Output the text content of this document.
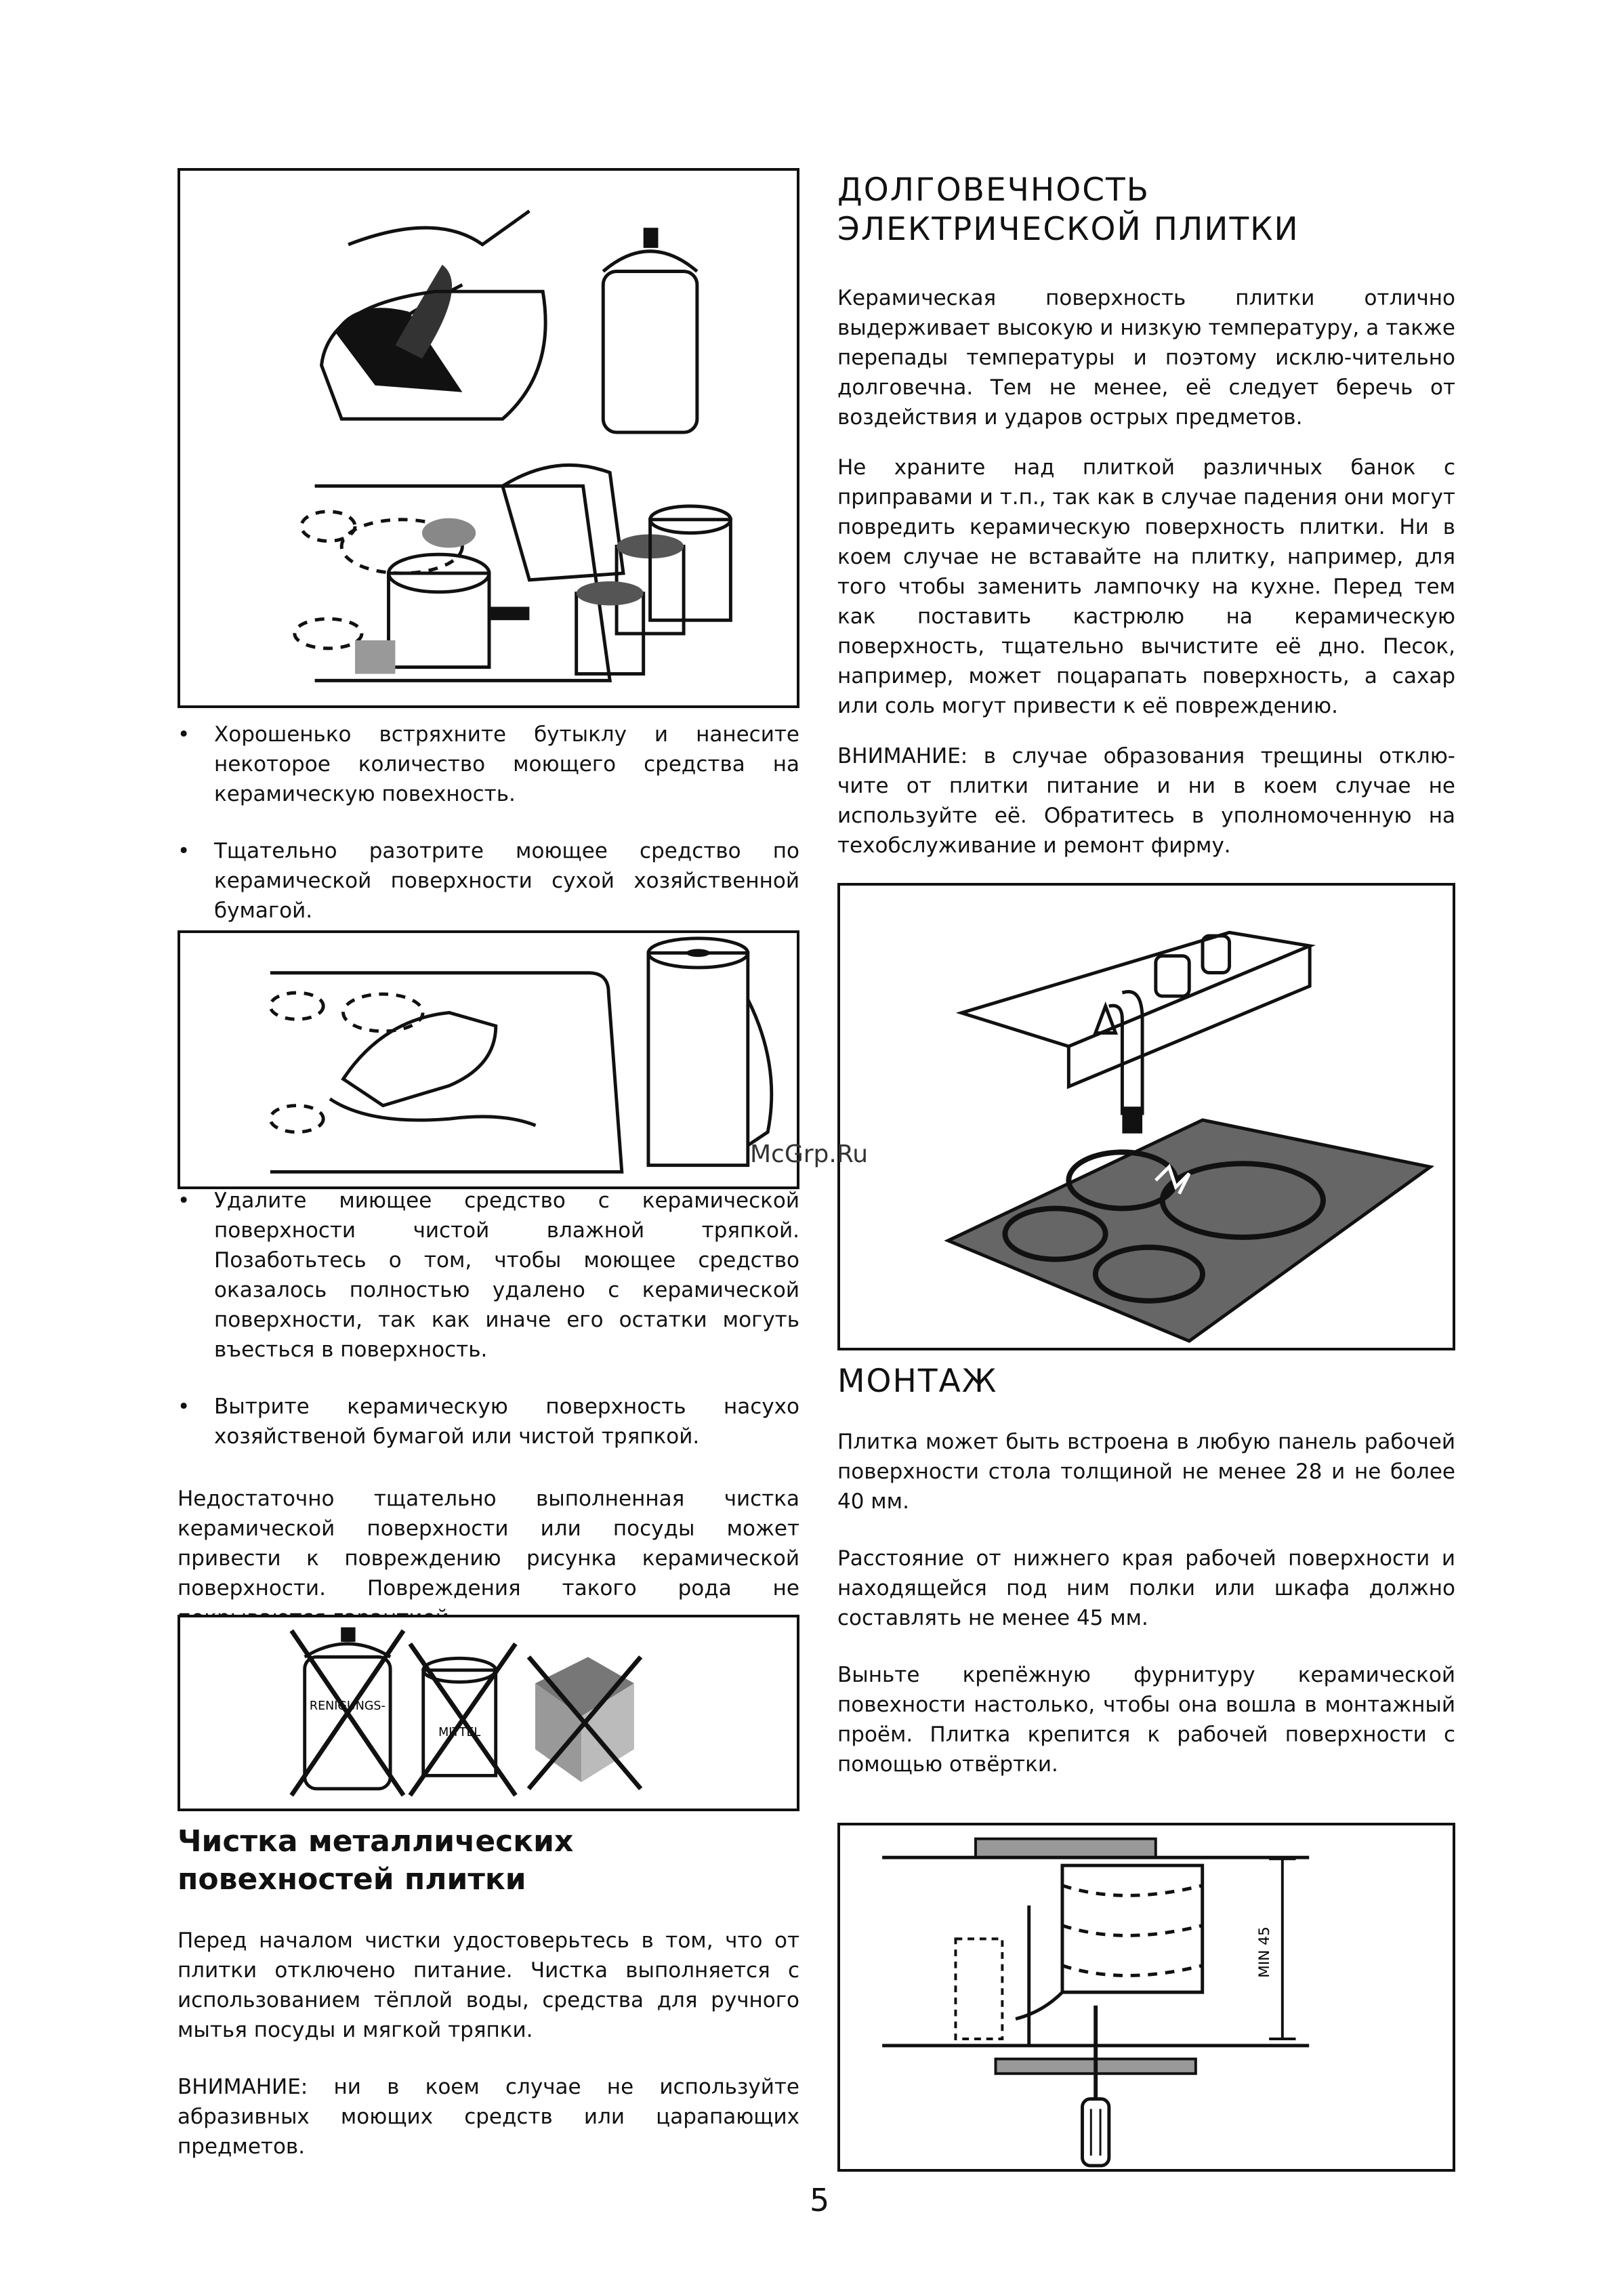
• Хорошенько встряхните бутыклу и нанесите некоторое количество моющего средства на керамическую повехность.

• Тщательно разотрите моющее средство по керамической поверхности сухой хозяйственной бумагой.

• Удалите миющее средство с керамической поверхности чистой влажной тряпкой. Позаботьтесь о том, чтобы моющее средство оказалось полностью удалено с керамической поверхности, так как иначе его остатки могуть въесться в поверхность.

• Вытрите керамическую поверхность насухо хозяйственой бумагой или чистой тряпкой.

Недостаточно тщательно выполненная чистка керамической поверхности или посуды может привести к повреждению рисунка керамической поверхности. Повреждения такого рода не

RENIGUNGS-
MITTEL
Чистка металлических повехностей плитки

Перед началом чистки удостоверьтесь в том, что от плитки отключено питание. Чистка выполняется с использованием тёплой воды, средства для ручного мытья посуды и мягкой тряпки.

ВНИМАНИЕ: ни в коем случае не используйте абразивных моющих средств или царапающих предметов.

ДОЛГОВЕЧНОСТЬ ЭЛЕКТРИЧЕСКОЙ ПЛИТКИ

Керамическая поверхность плитки отлично выдерживает высокую и низкую температуру, а также перепады температуры и поэтому исклю-чительно долговечна. Тем не менее, её следует беречь от воздействия и ударов острых предметов.

Не храните над плиткой различных банок с приправами и т.п., так как в случае падения они могут повредить керамическую поверхность плитки. Ни в коем случае не вставайте на плитку, например, для того чтобы заменить лампочку на кухне. Перед тем как поставить кастрюлю на керамическую поверхность, тщательно вычистите её дно. Песок, например, может поцарапать поверхность, а сахар или соль могут привести к её повреждению.

ВНИМАНИЕ: в случае образования трещины отклю-чите от плитки питание и ни в коем случае не используйте её. Обратитесь в уполномоченную на техобслуживание и ремонт фирму.

МОНТАЖ

Плитка может быть встроена в любую панель рабочей поверхности стола толщиной не менее 28 и не более 40 мм.

Расстояние от нижнего края рабочей поверхности и находящейся под ним полки или шкафа должно составлять не менее 45 мм.

Выньте крепёжную фурнитуру керамической повехности настолько, чтобы она вошла в монтажный проём. Плитка крепится к рабочей поверхности с помощью отвёртки.

MIN 45
McGrp.Ru
5
